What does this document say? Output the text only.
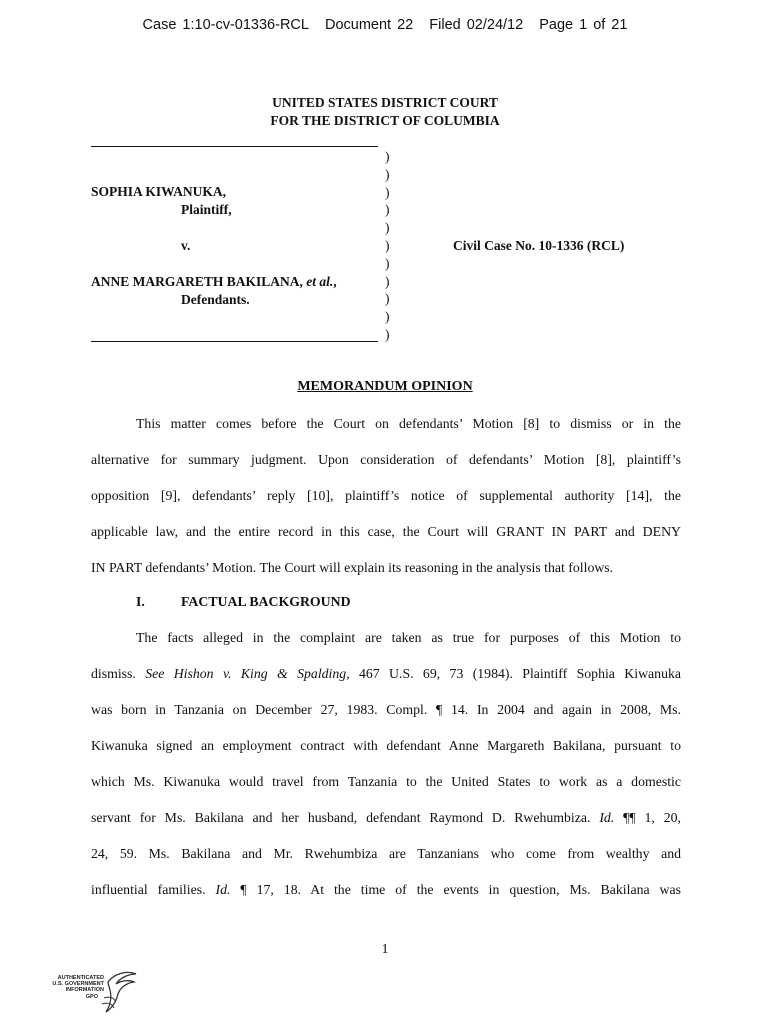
Case 1:10-cv-01336-RCL Document 22 Filed 02/24/12 Page 1 of 21
UNITED STATES DISTRICT COURT
FOR THE DISTRICT OF COLUMBIA
SOPHIA KIWANUKA,
Plaintiff,
v.
ANNE MARGARETH BAKILANA, et al.,
Defendants.
Civil Case No. 10-1336 (RCL)
)
)
)
)
)
)
)
)
)
)
)
MEMORANDUM OPINION
This matter comes before the Court on defendants’ Motion [8] to dismiss or in the
alternative for summary judgment. Upon consideration of defendants’ Motion [8], plaintiff’s
opposition [9], defendants’ reply [10], plaintiff’s notice of supplemental authority [14], the
applicable law, and the entire record in this case, the Court will GRANT IN PART and DENY
IN PART defendants’ Motion. The Court will explain its reasoning in the analysis that follows.
I.	FACTUAL BACKGROUND
The facts alleged in the complaint are taken as true for purposes of this Motion to
dismiss. See Hishon v. King & Spalding, 467 U.S. 69, 73 (1984). Plaintiff Sophia Kiwanuka
was born in Tanzania on December 27, 1983. Compl. ¶ 14. In 2004 and again in 2008, Ms.
Kiwanuka signed an employment contract with defendant Anne Margareth Bakilana, pursuant to
which Ms. Kiwanuka would travel from Tanzania to the United States to work as a domestic
servant for Ms. Bakilana and her husband, defendant Raymond D. Rwehumbiza. Id. ¶¶ 1, 20,
24, 59. Ms. Bakilana and Mr. Rwehumbiza are Tanzanians who come from wealthy and
influential families. Id. ¶ 17, 18. At the time of the events in question, Ms. Bakilana was
1
AUTHENTICATED
U.S. GOVERNMENT
INFORMATION
GPO
